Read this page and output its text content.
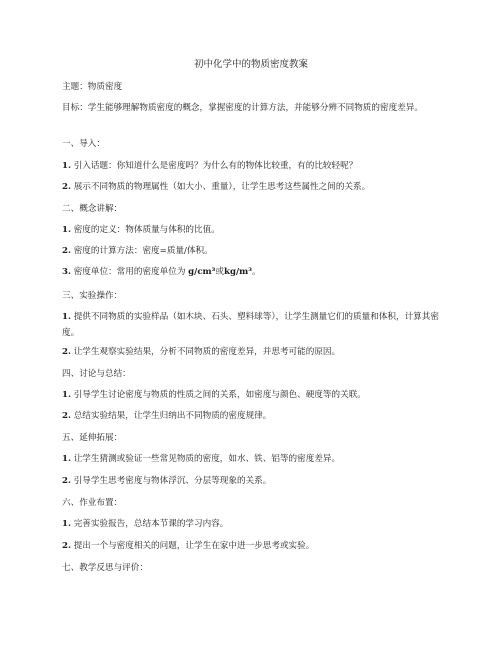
初中化学中的物质密度教案
主题：物质密度
目标：学生能够理解物质密度的概念，掌握密度的计算方法，并能够分辨不同物质的密度差异。
一、导入：
1. 引入话题：你知道什么是密度吗？为什么有的物体比较重，有的比较轻呢？
2. 展示不同物质的物理属性（如大小、重量），让学生思考这些属性之间的关系。
二、概念讲解：
1. 密度的定义：物体质量与体积的比值。
2. 密度的计算方法：密度=质量/体积。
3. 密度单位：常用的密度单位为 g/cm³或kg/m³。
三、实验操作：
1. 提供不同物质的实验样品（如木块、石头、塑料球等），让学生测量它们的质量和体积，计算其密度。
2. 让学生观察实验结果，分析不同物质的密度差异，并思考可能的原因。
四、讨论与总结：
1. 引导学生讨论密度与物质的性质之间的关系，如密度与颜色、硬度等的关联。
2. 总结实验结果，让学生归纳出不同物质的密度规律。
五、延伸拓展：
1. 让学生猜测或验证一些常见物质的密度，如水、铁、铝等的密度差异。
2. 引导学生思考密度与物体浮沉、分层等现象的关系。
六、作业布置：
1. 完善实验报告，总结本节课的学习内容。
2. 提出一个与密度相关的问题，让学生在家中进一步思考或实验。
七、教学反思与评价：
